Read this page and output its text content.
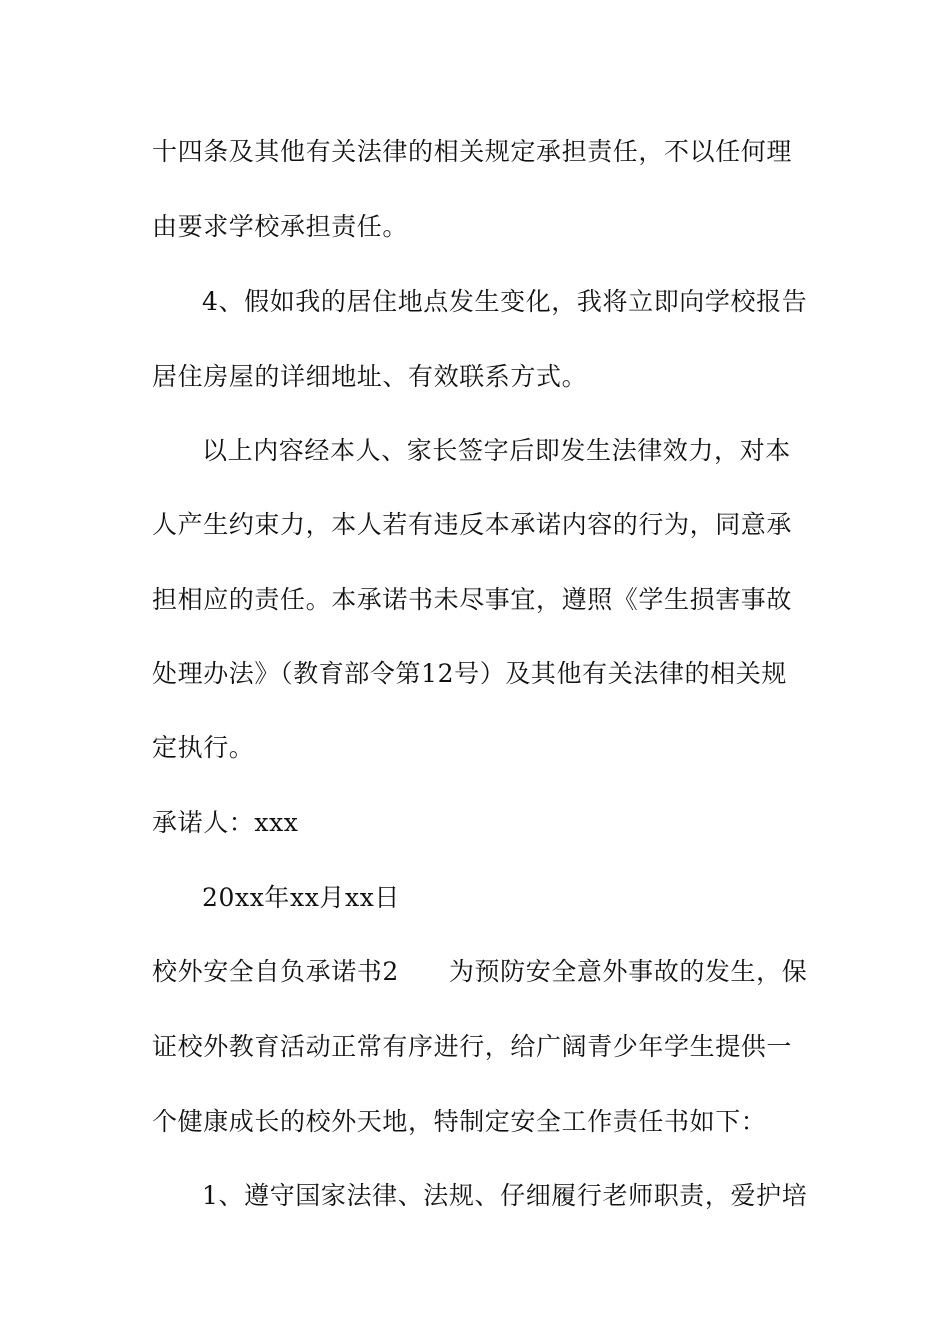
十四条及其他有关法律的相关规定承担责任，不以任何理
由要求学校承担责任。
4、假如我的居住地点发生变化，我将立即向学校报告
居住房屋的详细地址、有效联系方式。
以上内容经本人、家长签字后即发生法律效力，对本
人产生约束力，本人若有违反本承诺内容的行为，同意承
担相应的责任。本承诺书未尽事宜，遵照《学生损害事故
处理办法》（教育部令第12号）及其他有关法律的相关规
定执行。
承诺人：xxx
20xx年xx月xx日
校外安全自负承诺书2 为预防安全意外事故的发生，保
证校外教育活动正常有序进行，给广阔青少年学生提供一
个健康成长的校外天地，特制定安全工作责任书如下：
1、遵守国家法律、法规、仔细履行老师职责，爱护培
